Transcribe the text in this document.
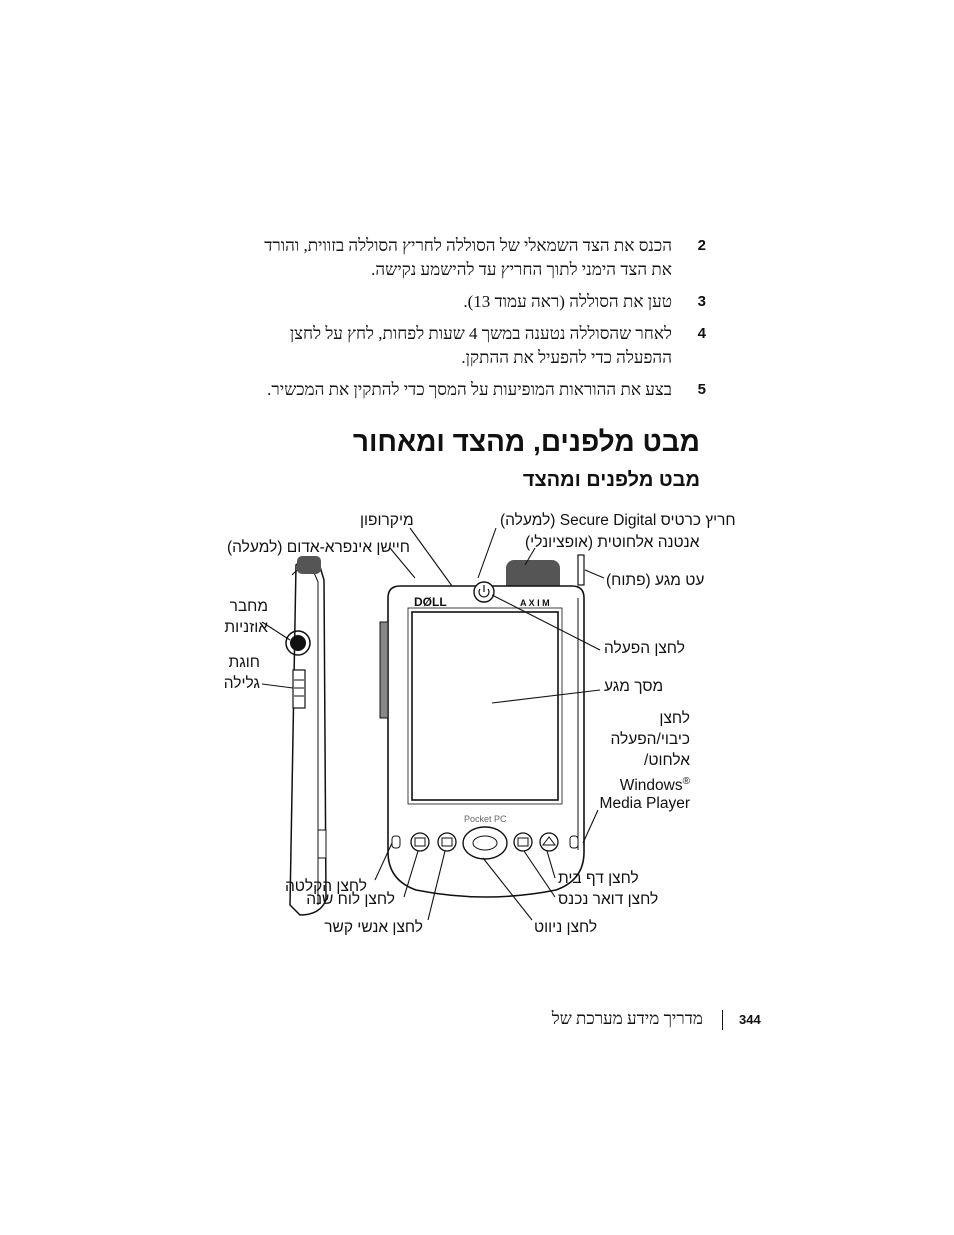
2
הכנס את הצד השמאלי של הסוללה לחריץ הסוללה בזווית, והורד את הצד הימני לתוך החריץ עד להישמע נקישה.
3
טען את הסוללה (ראה עמוד 13).
4
לאחר שהסוללה נטענה במשך 4 שעות לפחות, לחץ על לחצן ההפעלה כדי להפעיל את ההתקן.
5
בצע את ההוראות המופיעות על המסך כדי להתקין את המכשיר.
מבט מלפנים, מהצד ומאחור
מבט מלפנים ומהצד
DØLL	A X I M
Pocket PC
חריץ כרטיס Secure Digital (למעלה)
מיקרופון
חיישן אינפרא-אדום (למעלה)	אנטנה אלחוטית (אופציונלי)
עט מגע (פתוח)
מחבר
אוזניות
חוגת
גלילה
לחצן הפעלה
מסך מגע
לחצן
כיבוי/הפעלה
אלחוט/
Windows®
Media Player
לחצן הקלטה
לחצן לוח שנה
לחצן אנשי קשר
לחצן דף בית
לחצן דואר נכנס
לחצן ניווט
344
מדריך מידע מערכת של
